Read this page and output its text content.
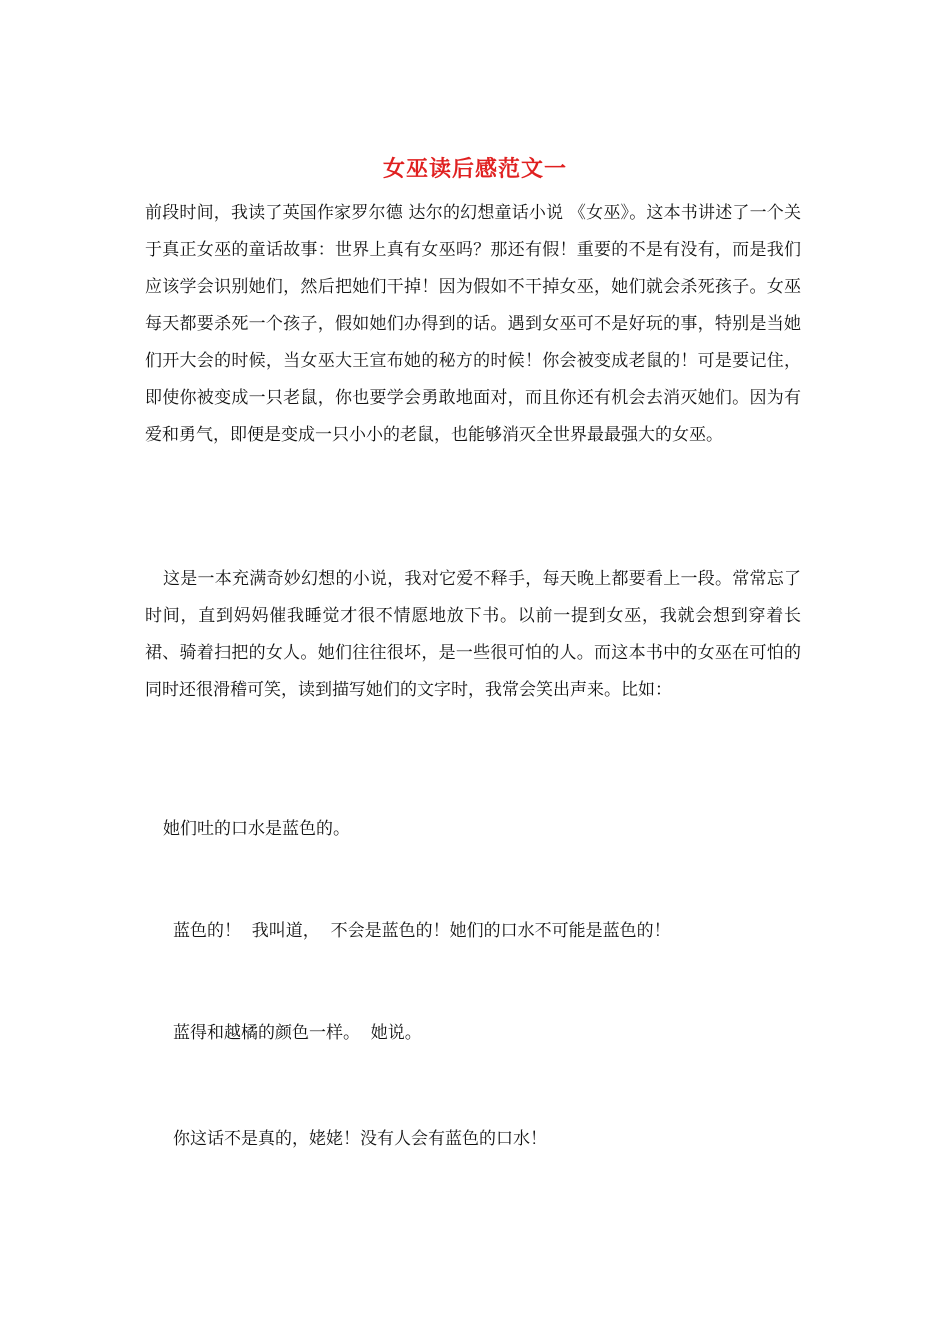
女巫读后感范文一

前段时间，我读了英国作家罗尔德 达尔的幻想童话小说 《女巫》。这本书讲述了一个关于真正女巫的童话故事：世界上真有女巫吗？那还有假！重要的不是有没有，而是我们应该学会识别她们，然后把她们干掉！因为假如不干掉女巫，她们就会杀死孩子。女巫每天都要杀死一个孩子，假如她们办得到的话。遇到女巫可不是好玩的事，特别是当她们开大会的时候，当女巫大王宣布她的秘方的时候！你会被变成老鼠的！可是要记住，即使你被变成一只老鼠，你也要学会勇敢地面对，而且你还有机会去消灭她们。因为有爱和勇气，即便是变成一只小小的老鼠，也能够消灭全世界最最强大的女巫。

这是一本充满奇妙幻想的小说，我对它爱不释手，每天晚上都要看上一段。常常忘了时间，直到妈妈催我睡觉才很不情愿地放下书。以前一提到女巫，我就会想到穿着长裙、骑着扫把的女人。她们往往很坏，是一些很可怕的人。而这本书中的女巫在可怕的同时还很滑稽可笑，读到描写她们的文字时，我常会笑出声来。比如：

她们吐的口水是蓝色的。

蓝色的！  我叫道，  不会是蓝色的！她们的口水不可能是蓝色的！

蓝得和越橘的颜色一样。  她说。

你这话不是真的，姥姥！没有人会有蓝色的口水！
